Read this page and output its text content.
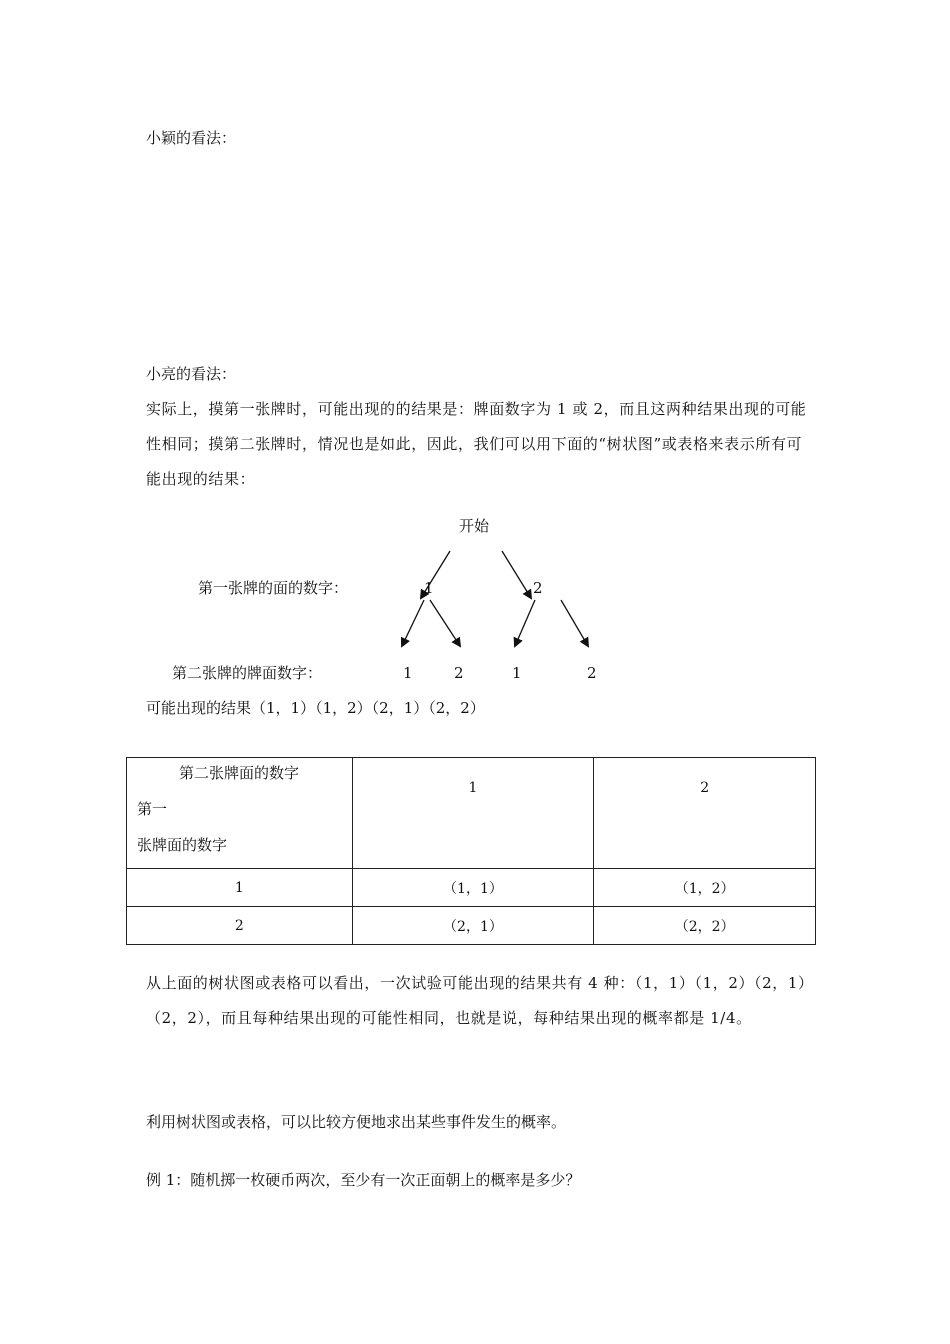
小颖的看法：
小亮的看法：
实际上，摸第一张牌时，可能出现的的结果是：牌面数字为 1 或 2，而且这两种结果出现的可能性相同；摸第二张牌时，情况也是如此，因此，我们可以用下面的“树状图”或表格来表示所有可能出现的结果：
开始
第一张牌的面的数字：	1	2
第二张牌的牌面数字：	1	2	1	2
可能出现的结果（1，1）（1，2）（2，1）（2，2）
第二张牌面的数字
第一
张牌面的数字	1	2
1	（1，1）	（1，2）
2	（2，1）	（2，2）
从上面的树状图或表格可以看出，一次试验可能出现的结果共有 4 种：（1，1）（1，2）（2，1）（2，2），而且每种结果出现的可能性相同，也就是说，每种结果出现的概率都是 1/4。
利用树状图或表格，可以比较方便地求出某些事件发生的概率。
例 1：随机掷一枚硬币两次，至少有一次正面朝上的概率是多少？
